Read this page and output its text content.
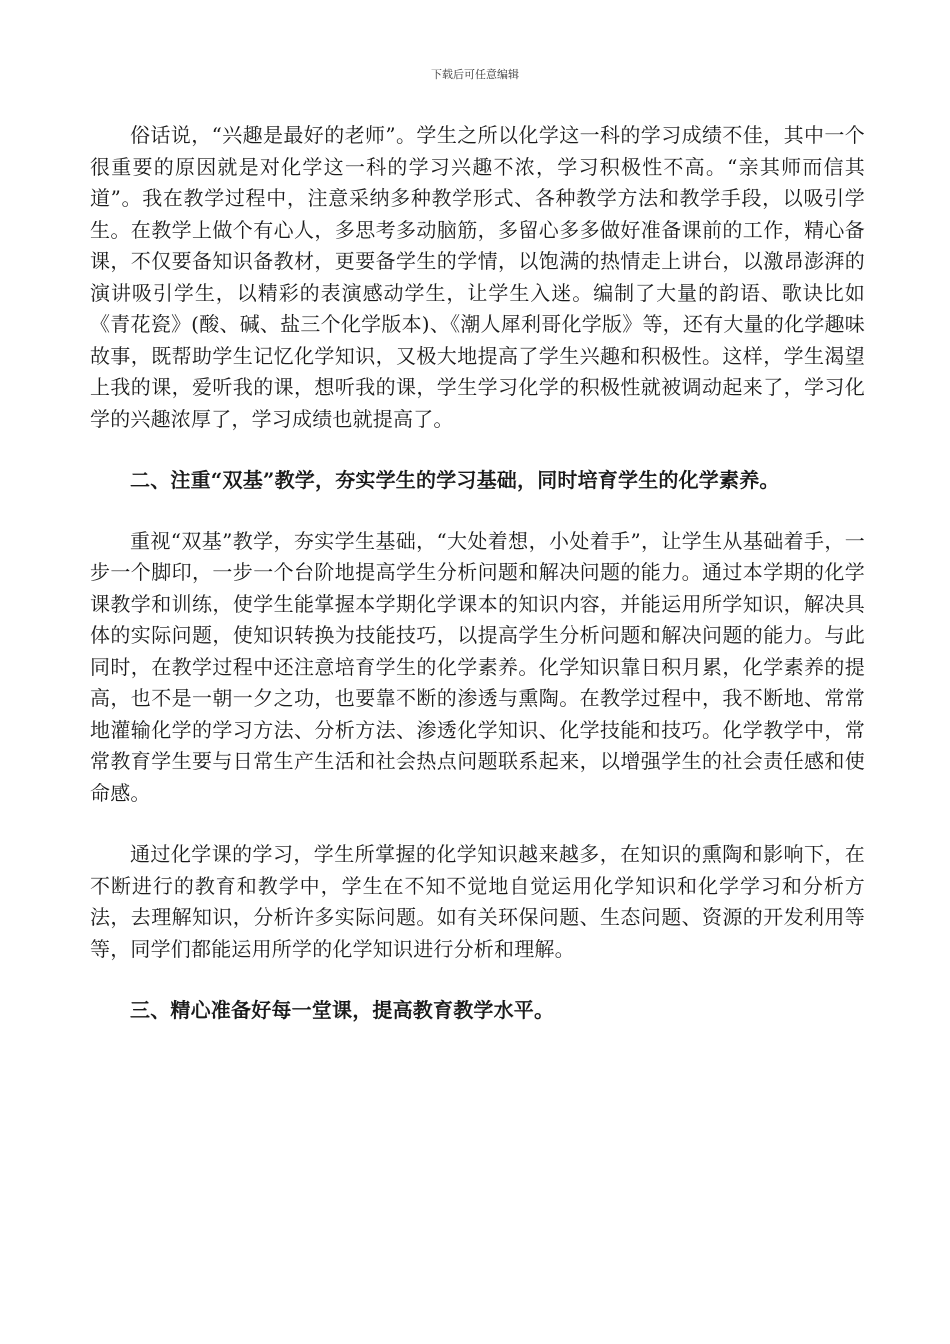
下载后可任意编辑

俗话说，“兴趣是最好的老师”。学生之所以化学这一科的学习成绩不佳，其中一个很重要的原因就是对化学这一科的学习兴趣不浓，学习积极性不高。“亲其师而信其道”。我在教学过程中，注意采纳多种教学形式、各种教学方法和教学手段，以吸引学生。在教学上做个有心人，多思考多动脑筋，多留心多多做好准备课前的工作，精心备课，不仅要备知识备教材，更要备学生的学情，以饱满的热情走上讲台，以激昂澎湃的演讲吸引学生，以精彩的表演感动学生，让学生入迷。编制了大量的韵语、歌诀比如《青花瓷》(酸、碱、盐三个化学版本)、《潮人犀利哥化学版》等，还有大量的化学趣味故事，既帮助学生记忆化学知识，又极大地提高了学生兴趣和积极性。这样，学生渴望上我的课，爱听我的课，想听我的课，学生学习化学的积极性就被调动起来了，学习化学的兴趣浓厚了，学习成绩也就提高了。

二、注重“双基”教学，夯实学生的学习基础，同时培育学生的化学素养。

重视“双基”教学，夯实学生基础，“大处着想，小处着手”，让学生从基础着手，一步一个脚印，一步一个台阶地提高学生分析问题和解决问题的能力。通过本学期的化学课教学和训练，使学生能掌握本学期化学课本的知识内容，并能运用所学知识，解决具体的实际问题，使知识转换为技能技巧，以提高学生分析问题和解决问题的能力。与此同时，在教学过程中还注意培育学生的化学素养。化学知识靠日积月累，化学素养的提高，也不是一朝一夕之功，也要靠不断的渗透与熏陶。在教学过程中，我不断地、常常地灌输化学的学习方法、分析方法、渗透化学知识、化学技能和技巧。化学教学中，常常教育学生要与日常生产生活和社会热点问题联系起来，以增强学生的社会责任感和使命感。

通过化学课的学习，学生所掌握的化学知识越来越多，在知识的熏陶和影响下，在不断进行的教育和教学中，学生在不知不觉地自觉运用化学知识和化学学习和分析方法，去理解知识，分析许多实际问题。如有关环保问题、生态问题、资源的开发利用等等，同学们都能运用所学的化学知识进行分析和理解。

三、精心准备好每一堂课，提高教育教学水平。
